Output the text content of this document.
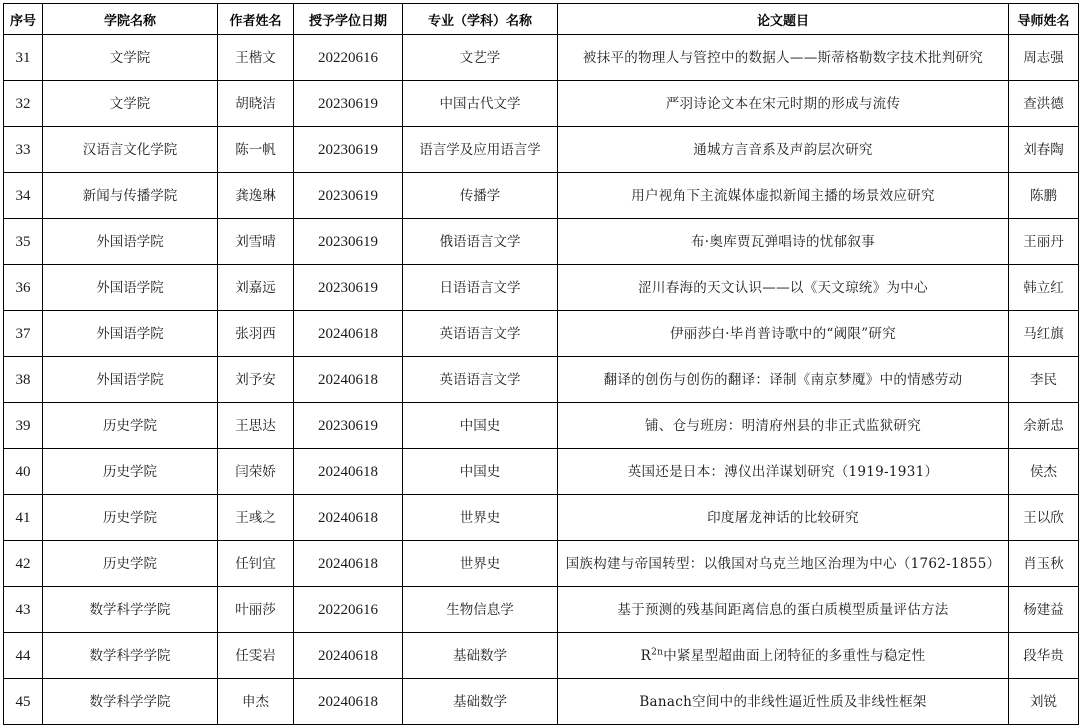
序号	学院名称	作者姓名	授予学位日期	专业（学科）名称	论文题目	导师姓名
31	文学院	王楷文	20220616	文艺学	被抹平的物理人与管控中的数据人——斯蒂格勒数字技术批判研究	周志强
32	文学院	胡晓洁	20230619	中国古代文学	严羽诗论文本在宋元时期的形成与流传	查洪德
33	汉语言文化学院	陈一帆	20230619	语言学及应用语言学	通城方言音系及声韵层次研究	刘春陶
34	新闻与传播学院	龚逸琳	20230619	传播学	用户视角下主流媒体虚拟新闻主播的场景效应研究	陈鹏
35	外国语学院	刘雪晴	20230619	俄语语言文学	布·奥库贾瓦弹唱诗的忧郁叙事	王丽丹
36	外国语学院	刘嘉远	20230619	日语语言文学	涩川春海的天文认识——以《天文琼统》为中心	韩立红
37	外国语学院	张羽西	20240618	英语语言文学	伊丽莎白·毕肖普诗歌中的“阈限”研究	马红旗
38	外国语学院	刘予安	20240618	英语语言文学	翻译的创伤与创伤的翻译：译制《南京梦魇》中的情感劳动	李民
39	历史学院	王思达	20230619	中国史	铺、仓与班房：明清府州县的非正式监狱研究	余新忠
40	历史学院	闫荣娇	20240618	中国史	英国还是日本：溥仪出洋谋划研究（1919-1931）	侯杰
41	历史学院	王彧之	20240618	世界史	印度屠龙神话的比较研究	王以欣
42	历史学院	任钊宜	20240618	世界史	国族构建与帝国转型：以俄国对乌克兰地区治理为中心（1762-1855）	肖玉秋
43	数学科学学院	叶丽莎	20220616	生物信息学	基于预测的残基间距离信息的蛋白质模型质量评估方法	杨建益
44	数学科学学院	任雯岩	20240618	基础数学	$R^{2n}$中紧星型超曲面上闭特征的多重性与稳定性	段华贵
45	数学科学学院	申杰	20240618	基础数学	Banach空间中的非线性逼近性质及非线性框架	刘锐
